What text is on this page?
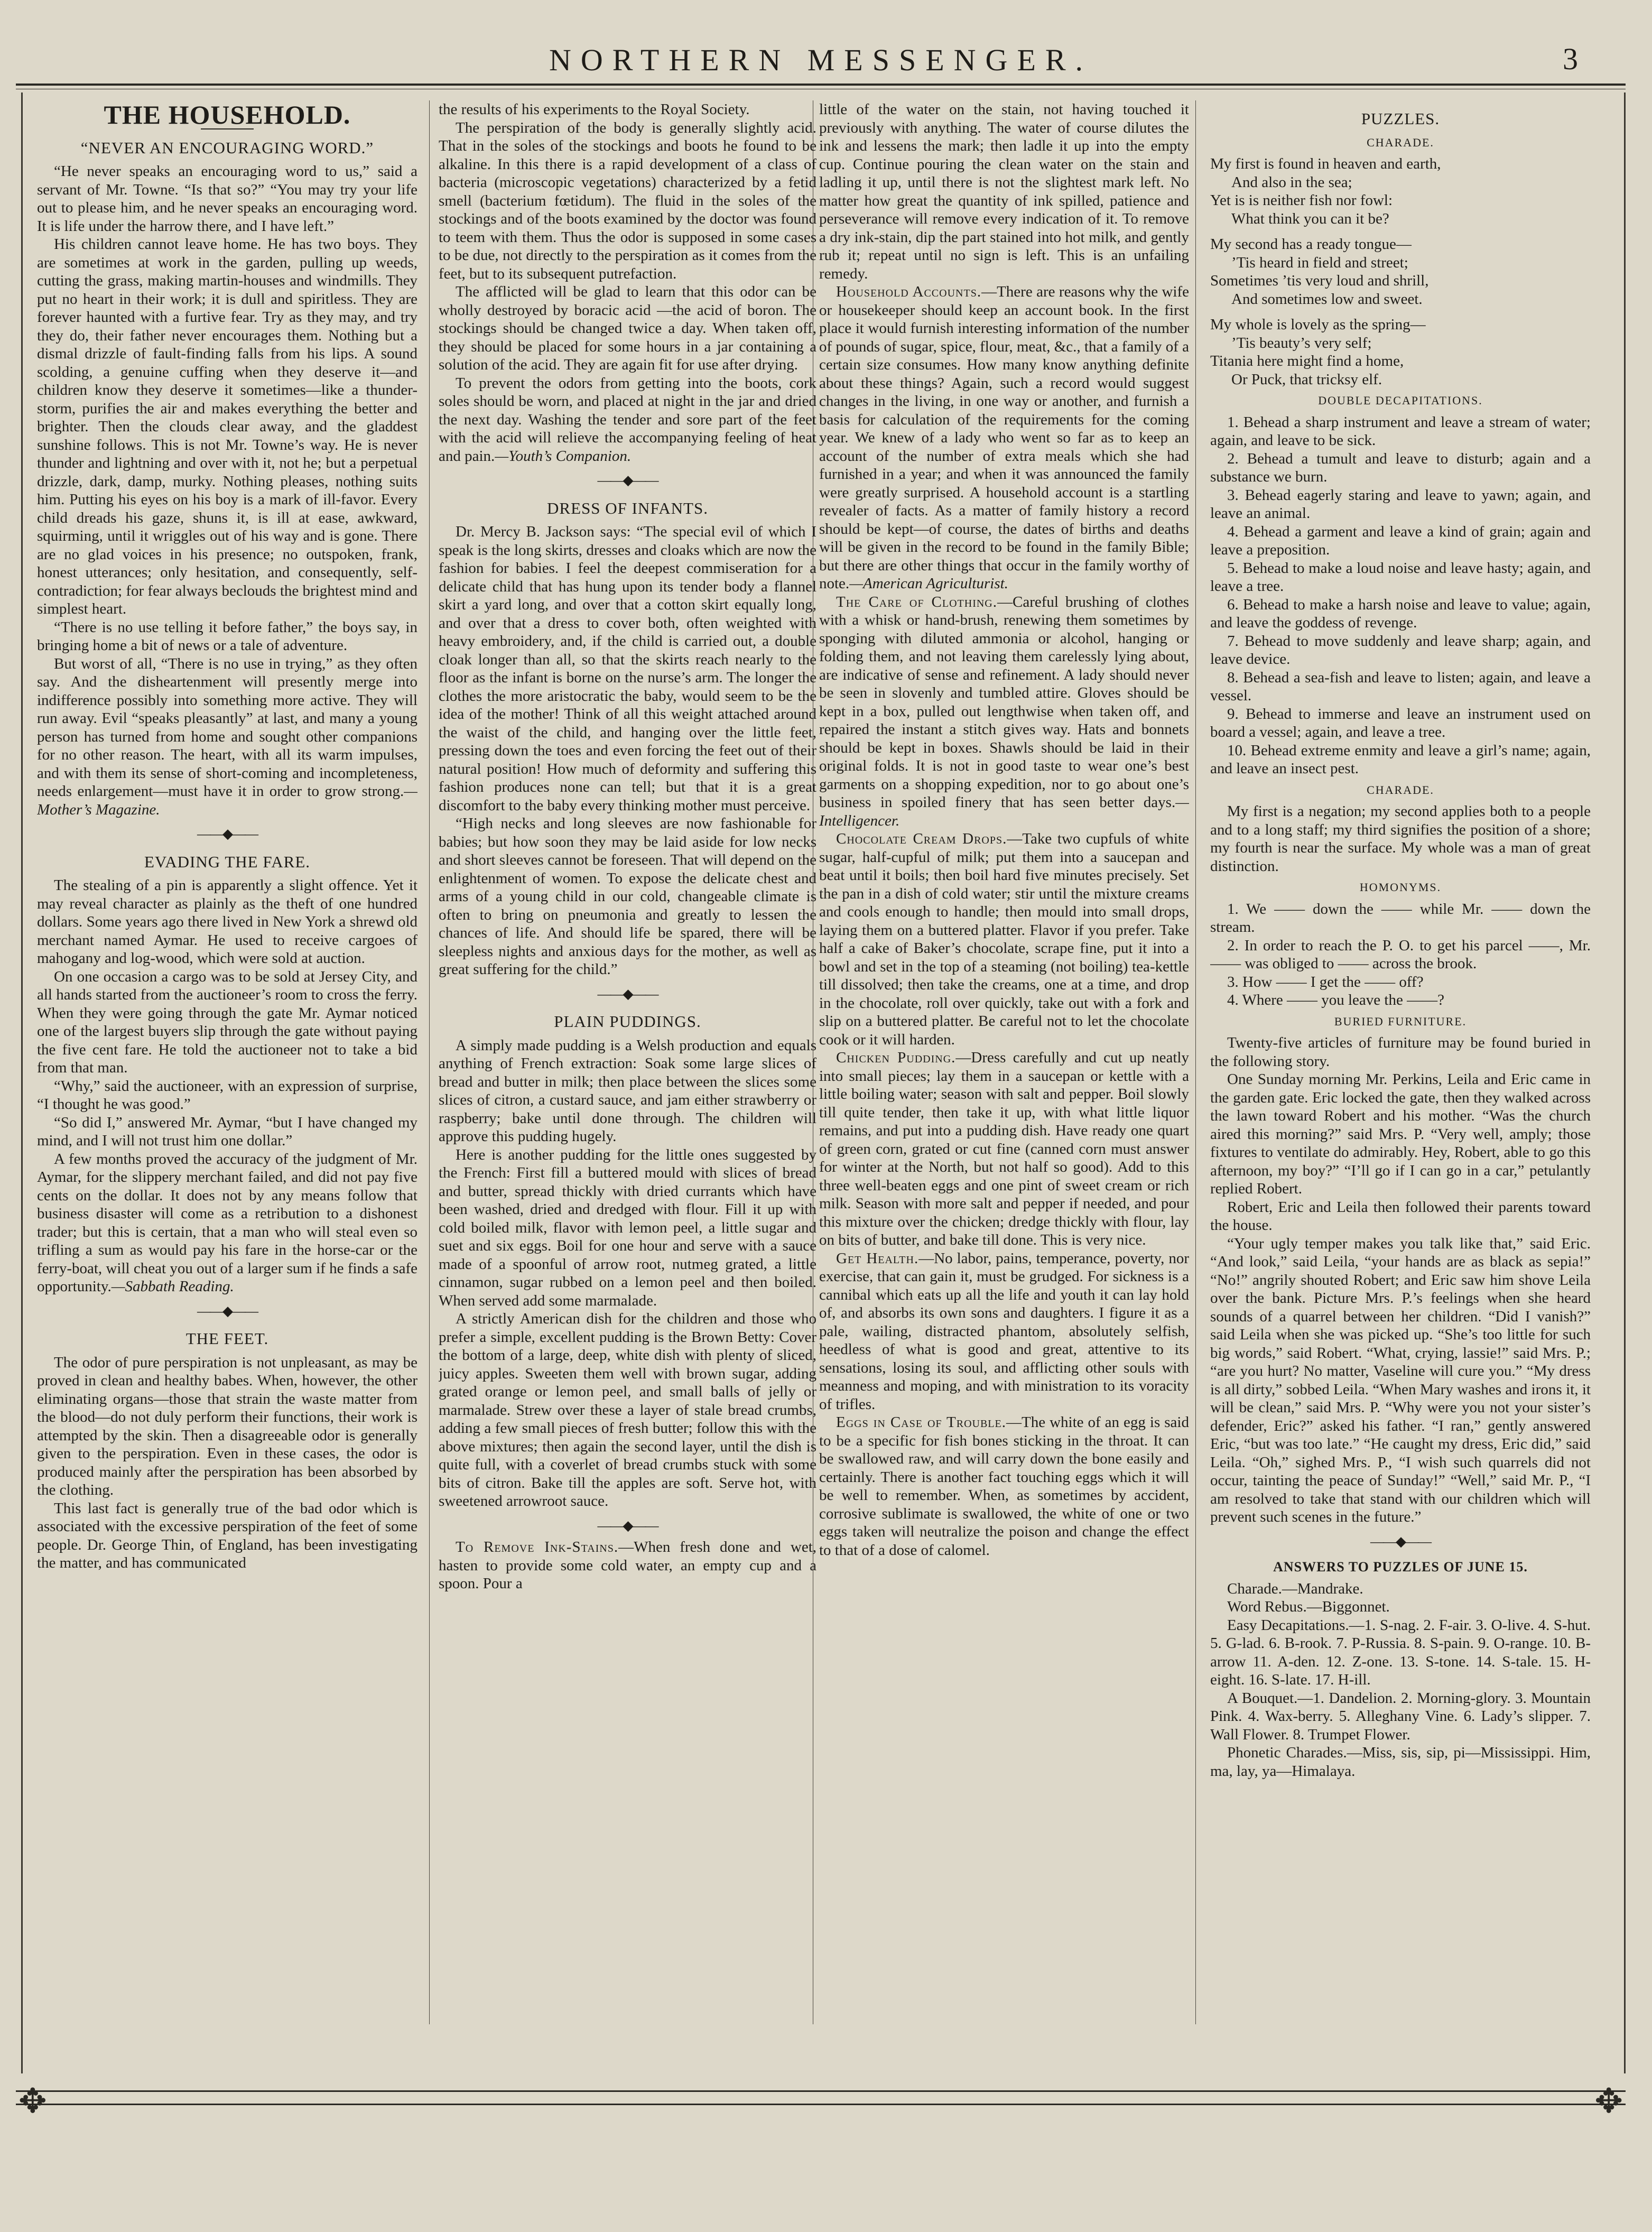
NORTHERN MESSENGER.	3
THE HOUSEHOLD.
“NEVER AN ENCOURAGING WORD.”

“He never speaks an encouraging word to us,” said a servant of Mr. Towne. “Is that so?” “You may try your life out to please him, and he never speaks an encouraging word. It is life under the harrow there, and I have left.”

His children cannot leave home. He has two boys. They are sometimes at work in the garden, pulling up weeds, cutting the grass, making martin-houses and windmills. They put no heart in their work; it is dull and spiritless. They are forever haunted with a furtive fear. Try as they may, and try they do, their father never encourages them. Nothing but a dismal drizzle of fault-finding falls from his lips. A sound scolding, a genuine cuffing when they deserve it—and children know they deserve it sometimes—like a thunder-storm, purifies the air and makes everything the better and brighter. Then the clouds clear away, and the gladdest sunshine follows. This is not Mr. Towne’s way. He is never thunder and lightning and over with it, not he; but a perpetual drizzle, dark, damp, murky. Nothing pleases, nothing suits him. Putting his eyes on his boy is a mark of ill-favor. Every child dreads his gaze, shuns it, is ill at ease, awkward, squirming, until it wriggles out of his way and is gone. There are no glad voices in his presence; no outspoken, frank, honest utterances; only hesitation, and consequently, self-contradiction; for fear always beclouds the brightest mind and simplest heart.

“There is no use telling it before father,” the boys say, in bringing home a bit of news or a tale of adventure.

But worst of all, “There is no use in trying,” as they often say. And the disheartenment will presently merge into indifference possibly into something more active. They will run away. Evil “speaks pleasantly” at last, and many a young person has turned from home and sought other companions for no other reason. The heart, with all its warm impulses, and with them its sense of short-coming and incompleteness, needs enlargement—must have it in order to grow strong.—Mother’s Magazine.

——◆——
EVADING THE FARE.

The stealing of a pin is apparently a slight offence. Yet it may reveal character as plainly as the theft of one hundred dollars. Some years ago there lived in New York a shrewd old merchant named Aymar. He used to receive cargoes of mahogany and log-wood, which were sold at auction.

On one occasion a cargo was to be sold at Jersey City, and all hands started from the auctioneer’s room to cross the ferry. When they were going through the gate Mr. Aymar noticed one of the largest buyers slip through the gate without paying the five cent fare. He told the auctioneer not to take a bid from that man.

“Why,” said the auctioneer, with an expression of surprise, “I thought he was good.”

“So did I,” answered Mr. Aymar, “but I have changed my mind, and I will not trust him one dollar.”

A few months proved the accuracy of the judgment of Mr. Aymar, for the slippery merchant failed, and did not pay five cents on the dollar. It does not by any means follow that business disaster will come as a retribution to a dishonest trader; but this is certain, that a man who will steal even so trifling a sum as would pay his fare in the horse-car or the ferry-boat, will cheat you out of a larger sum if he finds a safe opportunity.—Sabbath Reading.

——◆——
THE FEET.

The odor of pure perspiration is not unpleasant, as may be proved in clean and healthy babes. When, however, the other eliminating organs—those that strain the waste matter from the blood—do not duly perform their functions, their work is attempted by the skin. Then a disagreeable odor is generally given to the perspiration. Even in these cases, the odor is produced mainly after the perspiration has been absorbed by the clothing.

This last fact is generally true of the bad odor which is associated with the excessive perspiration of the feet of some people. Dr. George Thin, of England, has been investigating the matter, and has communicated

the results of his experiments to the Royal Society.

The perspiration of the body is generally slightly acid. That in the soles of the stockings and boots he found to be alkaline. In this there is a rapid development of a class of bacteria (microscopic vegetations) characterized by a fetid smell (bacterium fœtidum). The fluid in the soles of the stockings and of the boots examined by the doctor was found to teem with them. Thus the odor is supposed in some cases to be due, not directly to the perspiration as it comes from the feet, but to its subsequent putrefaction.

The afflicted will be glad to learn that this odor can be wholly destroyed by boracic acid —the acid of boron. The stockings should be changed twice a day. When taken off, they should be placed for some hours in a jar containing a solution of the acid. They are again fit for use after drying.

To prevent the odors from getting into the boots, cork soles should be worn, and placed at night in the jar and dried the next day. Washing the tender and sore part of the feet with the acid will relieve the accompanying feeling of heat and pain.—Youth’s Companion.

——◆——
DRESS OF INFANTS.

Dr. Mercy B. Jackson says: “The special evil of which I speak is the long skirts, dresses and cloaks which are now the fashion for babies. I feel the deepest commiseration for a delicate child that has hung upon its tender body a flannel skirt a yard long, and over that a cotton skirt equally long, and over that a dress to cover both, often weighted with heavy embroidery, and, if the child is carried out, a double cloak longer than all, so that the skirts reach nearly to the floor as the infant is borne on the nurse’s arm. The longer the clothes the more aristocratic the baby, would seem to be the idea of the mother! Think of all this weight attached around the waist of the child, and hanging over the little feet, pressing down the toes and even forcing the feet out of their natural position! How much of deformity and suffering this fashion produces none can tell; but that it is a great discomfort to the baby every thinking mother must perceive.

“High necks and long sleeves are now fashionable for babies; but how soon they may be laid aside for low necks and short sleeves cannot be foreseen. That will depend on the enlightenment of women. To expose the delicate chest and arms of a young child in our cold, changeable climate is often to bring on pneumonia and greatly to lessen the chances of life. And should life be spared, there will be sleepless nights and anxious days for the mother, as well as great suffering for the child.”

——◆——
PLAIN PUDDINGS.

A simply made pudding is a Welsh production and equals anything of French extraction: Soak some large slices of bread and butter in milk; then place between the slices some slices of citron, a custard sauce, and jam either strawberry or raspberry; bake until done through. The children will approve this pudding hugely.

Here is another pudding for the little ones suggested by the French: First fill a buttered mould with slices of bread and butter, spread thickly with dried currants which have been washed, dried and dredged with flour. Fill it up with cold boiled milk, flavor with lemon peel, a little sugar and suet and six eggs. Boil for one hour and serve with a sauce made of a spoonful of arrow root, nutmeg grated, a little cinnamon, sugar rubbed on a lemon peel and then boiled. When served add some marmalade.

A strictly American dish for the children and those who prefer a simple, excellent pudding is the Brown Betty: Cover the bottom of a large, deep, white dish with plenty of sliced, juicy apples. Sweeten them well with brown sugar, adding grated orange or lemon peel, and small balls of jelly or marmalade. Strew over these a layer of stale bread crumbs, adding a few small pieces of fresh butter; follow this with the above mixtures; then again the second layer, until the dish is quite full, with a coverlet of bread crumbs stuck with some bits of citron. Bake till the apples are soft. Serve hot, with sweetened arrowroot sauce.

——◆——

To Remove Ink-Stains.—When fresh done and wet, hasten to provide some cold water, an empty cup and a spoon. Pour a

little of the water on the stain, not having touched it previously with anything. The water of course dilutes the ink and lessens the mark; then ladle it up into the empty cup. Continue pouring the clean water on the stain and ladling it up, until there is not the slightest mark left. No matter how great the quantity of ink spilled, patience and perseverance will remove every indication of it. To remove a dry ink-stain, dip the part stained into hot milk, and gently rub it; repeat until no sign is left. This is an unfailing remedy.

Household Accounts.—There are reasons why the wife or housekeeper should keep an account book. In the first place it would furnish interesting information of the number of pounds of sugar, spice, flour, meat, &c., that a family of a certain size consumes. How many know anything definite about these things? Again, such a record would suggest changes in the living, in one way or another, and furnish a basis for calculation of the requirements for the coming year. We knew of a lady who went so far as to keep an account of the number of extra meals which she had furnished in a year; and when it was announced the family were greatly surprised. A household account is a startling revealer of facts. As a matter of family history a record should be kept—of course, the dates of births and deaths will be given in the record to be found in the family Bible; but there are other things that occur in the family worthy of note.—American Agriculturist.

The Care of Clothing.—Careful brushing of clothes with a whisk or hand-brush, renewing them sometimes by sponging with diluted ammonia or alcohol, hanging or folding them, and not leaving them carelessly lying about, are indicative of sense and refinement. A lady should never be seen in slovenly and tumbled attire. Gloves should be kept in a box, pulled out lengthwise when taken off, and repaired the instant a stitch gives way. Hats and bonnets should be kept in boxes. Shawls should be laid in their original folds. It is not in good taste to wear one’s best garments on a shopping expedition, nor to go about one’s business in spoiled finery that has seen better days.—Intelligencer.

Chocolate Cream Drops.—Take two cupfuls of white sugar, half-cupful of milk; put them into a saucepan and beat until it boils; then boil hard five minutes precisely. Set the pan in a dish of cold water; stir until the mixture creams and cools enough to handle; then mould into small drops, laying them on a buttered platter. Flavor if you prefer. Take half a cake of Baker’s chocolate, scrape fine, put it into a bowl and set in the top of a steaming (not boiling) tea-kettle till dissolved; then take the creams, one at a time, and drop in the chocolate, roll over quickly, take out with a fork and slip on a buttered platter. Be careful not to let the chocolate cook or it will harden.

Chicken Pudding.—Dress carefully and cut up neatly into small pieces; lay them in a saucepan or kettle with a little boiling water; season with salt and pepper. Boil slowly till quite tender, then take it up, with what little liquor remains, and put into a pudding dish. Have ready one quart of green corn, grated or cut fine (canned corn must answer for winter at the North, but not half so good). Add to this three well-beaten eggs and one pint of sweet cream or rich milk. Season with more salt and pepper if needed, and pour this mixture over the chicken; dredge thickly with flour, lay on bits of butter, and bake till done. This is very nice.

Get Health.—No labor, pains, temperance, poverty, nor exercise, that can gain it, must be grudged. For sickness is a cannibal which eats up all the life and youth it can lay hold of, and absorbs its own sons and daughters. I figure it as a pale, wailing, distracted phantom, absolutely selfish, heedless of what is good and great, attentive to its sensations, losing its soul, and afflicting other souls with meanness and moping, and with ministration to its voracity of trifles.

Eggs in Case of Trouble.—The white of an egg is said to be a specific for fish bones sticking in the throat. It can be swallowed raw, and will carry down the bone easily and certainly. There is another fact touching eggs which it will be well to remember. When, as sometimes by accident, corrosive sublimate is swallowed, the white of one or two eggs taken will neutralize the poison and change the effect to that of a dose of calomel.

PUZZLES.
CHARADE.
My first is found in heaven and earth,
And also in the sea;
Yet is is neither fish nor fowl:
What think you can it be?
My second has a ready tongue—
’Tis heard in field and street;
Sometimes ’tis very loud and shrill,
And sometimes low and sweet.
My whole is lovely as the spring—
’Tis beauty’s very self;
Titania here might find a home,
Or Puck, that tricksy elf.
DOUBLE DECAPITATIONS.

1. Behead a sharp instrument and leave a stream of water; again, and leave to be sick.

2. Behead a tumult and leave to disturb; again and a substance we burn.

3. Behead eagerly staring and leave to yawn; again, and leave an animal.

4. Behead a garment and leave a kind of grain; again and leave a preposition.

5. Behead to make a loud noise and leave hasty; again, and leave a tree.

6. Behead to make a harsh noise and leave to value; again, and leave the goddess of revenge.

7. Behead to move suddenly and leave sharp; again, and leave device.

8. Behead a sea-fish and leave to listen; again, and leave a vessel.

9. Behead to immerse and leave an instrument used on board a vessel; again, and leave a tree.

10. Behead extreme enmity and leave a girl’s name; again, and leave an insect pest.

CHARADE.

My first is a negation; my second applies both to a people and to a long staff; my third signifies the position of a shore; my fourth is near the surface. My whole was a man of great distinction.

HOMONYMS.

1. We —— down the —— while Mr. —— down the stream.

2. In order to reach the P. O. to get his parcel ——, Mr. —— was obliged to —— across the brook.

3. How —— I get the —— off?

4. Where —— you leave the ——?

BURIED FURNITURE.

Twenty-five articles of furniture may be found buried in the following story.

One Sunday morning Mr. Perkins, Leila and Eric came in the garden gate. Eric locked the gate, then they walked across the lawn toward Robert and his mother. “Was the church aired this morning?” said Mrs. P. “Very well, amply; those fixtures to ventilate do admirably. Hey, Robert, able to go this afternoon, my boy?” “I’ll go if I can go in a car,” petulantly replied Robert.

Robert, Eric and Leila then followed their parents toward the house.

“Your ugly temper makes you talk like that,” said Eric. “And look,” said Leila, “your hands are as black as sepia!” “No!” angrily shouted Robert; and Eric saw him shove Leila over the bank. Picture Mrs. P.’s feelings when she heard sounds of a quarrel between her children. “Did I vanish?” said Leila when she was picked up. “She’s too little for such big words,” said Robert. “What, crying, lassie!” said Mrs. P.; “are you hurt? No matter, Vaseline will cure you.” “My dress is all dirty,” sobbed Leila. “When Mary washes and irons it, it will be clean,” said Mrs. P. “Why were you not your sister’s defender, Eric?” asked his father. “I ran,” gently answered Eric, “but was too late.” “He caught my dress, Eric did,” said Leila. “Oh,” sighed Mrs. P., “I wish such quarrels did not occur, tainting the peace of Sunday!” “Well,” said Mr. P., “I am resolved to take that stand with our children which will prevent such scenes in the future.”

——◆——
ANSWERS TO PUZZLES OF JUNE 15.

Charade.—Mandrake.

Word Rebus.—Biggonnet.

Easy Decapitations.—1. S-nag. 2. F-air. 3. O-live. 4. S-hut. 5. G-lad. 6. B-rook. 7. P-Russia. 8. S-pain. 9. O-range. 10. B-arrow 11. A-den. 12. Z-one. 13. S-tone. 14. S-tale. 15. H-eight. 16. S-late. 17. H-ill.

A Bouquet.—1. Dandelion. 2. Morning-glory. 3. Mountain Pink. 4. Wax-berry. 5. Alleghany Vine. 6. Lady’s slipper. 7. Wall Flower. 8. Trumpet Flower.

Phonetic Charades.—Miss, sis, sip, pi—Mississippi. Him, ma, lay, ya—Himalaya.

✥	✥
